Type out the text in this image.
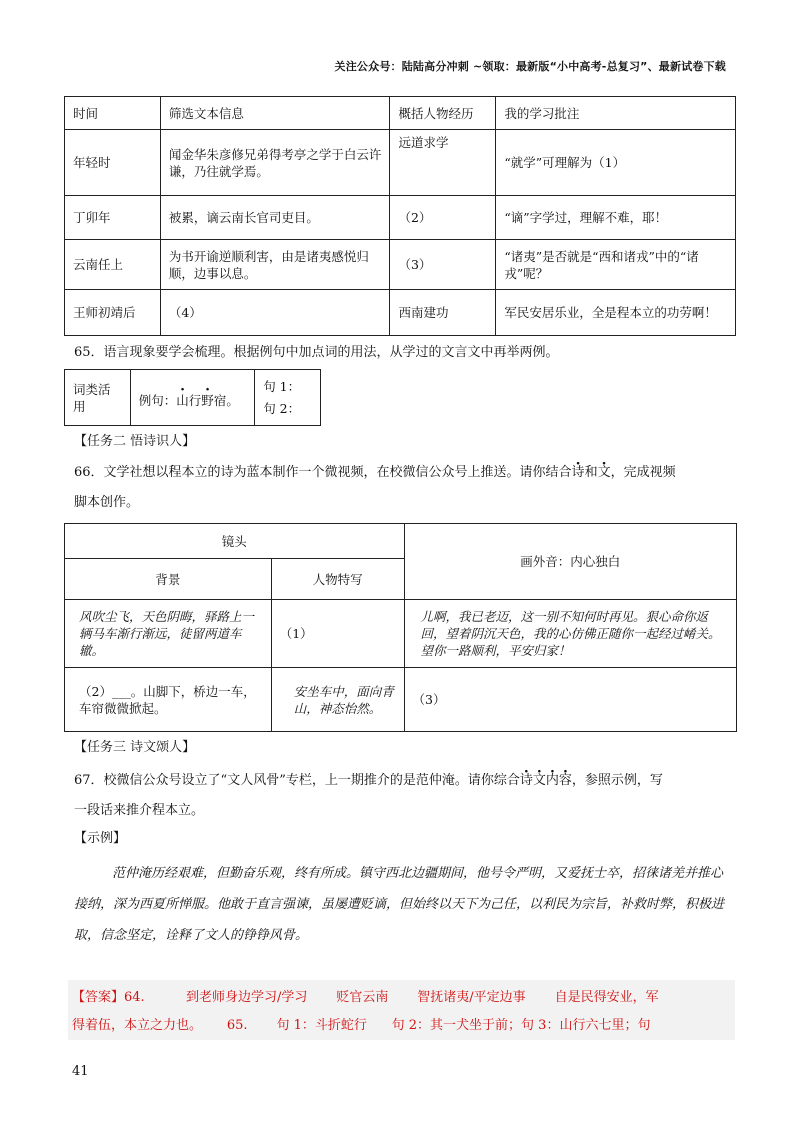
关注公众号：陆陆高分冲刺 ~领取：最新版“小中高考-总复习”、最新试卷下载
时间	筛选文本信息	概括人物经历	我的学习批注
年轻时	闻金华朱彦修兄弟得考亭之学于白云许谦，乃往就学焉。	远道求学	“就学”可理解为（1）
丁卯年	被累，谪云南长官司吏目。	（2）	“谪”字学过，理解不难，耶！
云南任上	为书开谕逆顺利害，由是诸夷感悦归顺，边事以息。	（3）	“诸夷”是否就是“西和诸戎”中的“诸戎”呢？
王师初靖后	（4）	西南建功	军民安居乐业，全是程本立的功劳啊！
65．语言现象要学会梳理。根据例句中加点词的用法，从学过的文言文中再举两例。
词类活用	例句：山行野宿。	
句 1：
句 2：
【任务二 悟诗识人】
66．文学社想以程本立的诗为蓝本制作一个微视频，在校微信公众号上推送。请你结合诗和文，完成视频
脚本创作。
镜头		画外音：内心独白
背景	人物特写	
风吹尘飞，天色阴晦，驿路上一辆马车渐行渐远，徒留两道车辙。	（1）	儿啊，我已老迈，这一别不知何时再见。狠心命你返回，望着阴沉天色，我的心仿佛正随你一起经过崤关。望你一路顺利，平安归家！
（2）___。山脚下，桥边一车，车帘微微掀起。	安坐车中，面向青山，神态怡然。	（3）
【任务三 诗文颂人】
67．校微信公众号设立了“文人风骨”专栏，上一期推介的是范仲淹。请你综合诗文内容，参照示例，写
一段话来推介程本立。
【示例】
范仲淹历经艰难，但勤奋乐观，终有所成。镇守西北边疆期间，他号令严明，又爱抚士卒，招徕诸羌并推心接纳，深为西夏所惮服。他敢于直言强谏，虽屡遭贬谪，但始终以天下为己任，以利民为宗旨，补救时弊，积极进取，信念坚定，诠释了文人的铮铮风骨。
【答案】64.	到老师身边学习/学习 贬官云南 智抚诸夷/平定边事 自是民得安业，军
得着伍，本立之力也。 65. 句 1：斗折蛇行 句 2：其一犬坐于前；句 3：山行六七里；句
41
